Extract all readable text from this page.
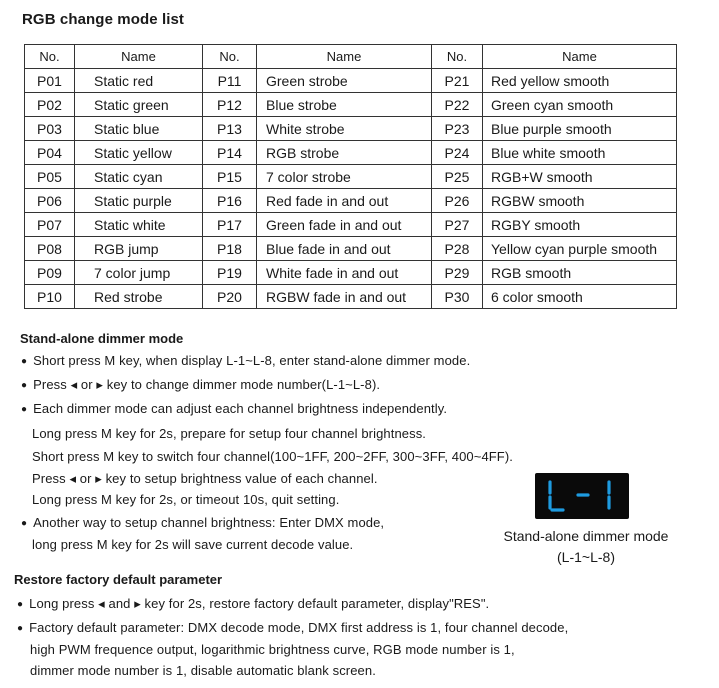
RGB change mode list
No.	Name	No.	Name	No.	Name
P01	Static red	P11	Green strobe	P21	Red yellow smooth
P02	Static green	P12	Blue strobe	P22	Green cyan smooth
P03	Static blue	P13	White strobe	P23	Blue purple smooth
P04	Static yellow	P14	RGB strobe	P24	Blue white smooth
P05	Static cyan	P15	7 color strobe	P25	RGB+W smooth
P06	Static purple	P16	Red fade in and out	P26	RGBW smooth
P07	Static white	P17	Green fade in and out	P27	RGBY smooth
P08	RGB jump	P18	Blue fade in and out	P28	Yellow cyan purple smooth
P09	7 color jump	P19	White fade in and out	P29	RGB smooth
P10	Red strobe	P20	RGBW fade in and out	P30	6 color smooth
Stand-alone dimmer mode
● Short press M key, when display L-1~L-8, enter stand-alone dimmer mode.
● Press ◂ or ▸ key to change dimmer mode number(L-1~L-8).
● Each dimmer mode can adjust each channel brightness independently.
Long press M key for 2s, prepare for setup four channel brightness.
Short press M key to switch four channel(100~1FF, 200~2FF, 300~3FF, 400~4FF).
Press ◂ or ▸ key to setup brightness value of each channel.
Long press M key for 2s, or timeout 10s, quit setting.
● Another way to setup channel brightness: Enter DMX mode,
long press M key for 2s will save current decode value.
Stand-alone dimmer mode
(L-1~L-8)
Restore factory default parameter
● Long press ◂ and ▸ key for 2s, restore factory default parameter, display"RES".
● Factory default parameter: DMX decode mode, DMX first address is 1, four channel decode,
high PWM frequence output, logarithmic brightness curve, RGB mode number is 1,
dimmer mode number is 1, disable automatic blank screen.
